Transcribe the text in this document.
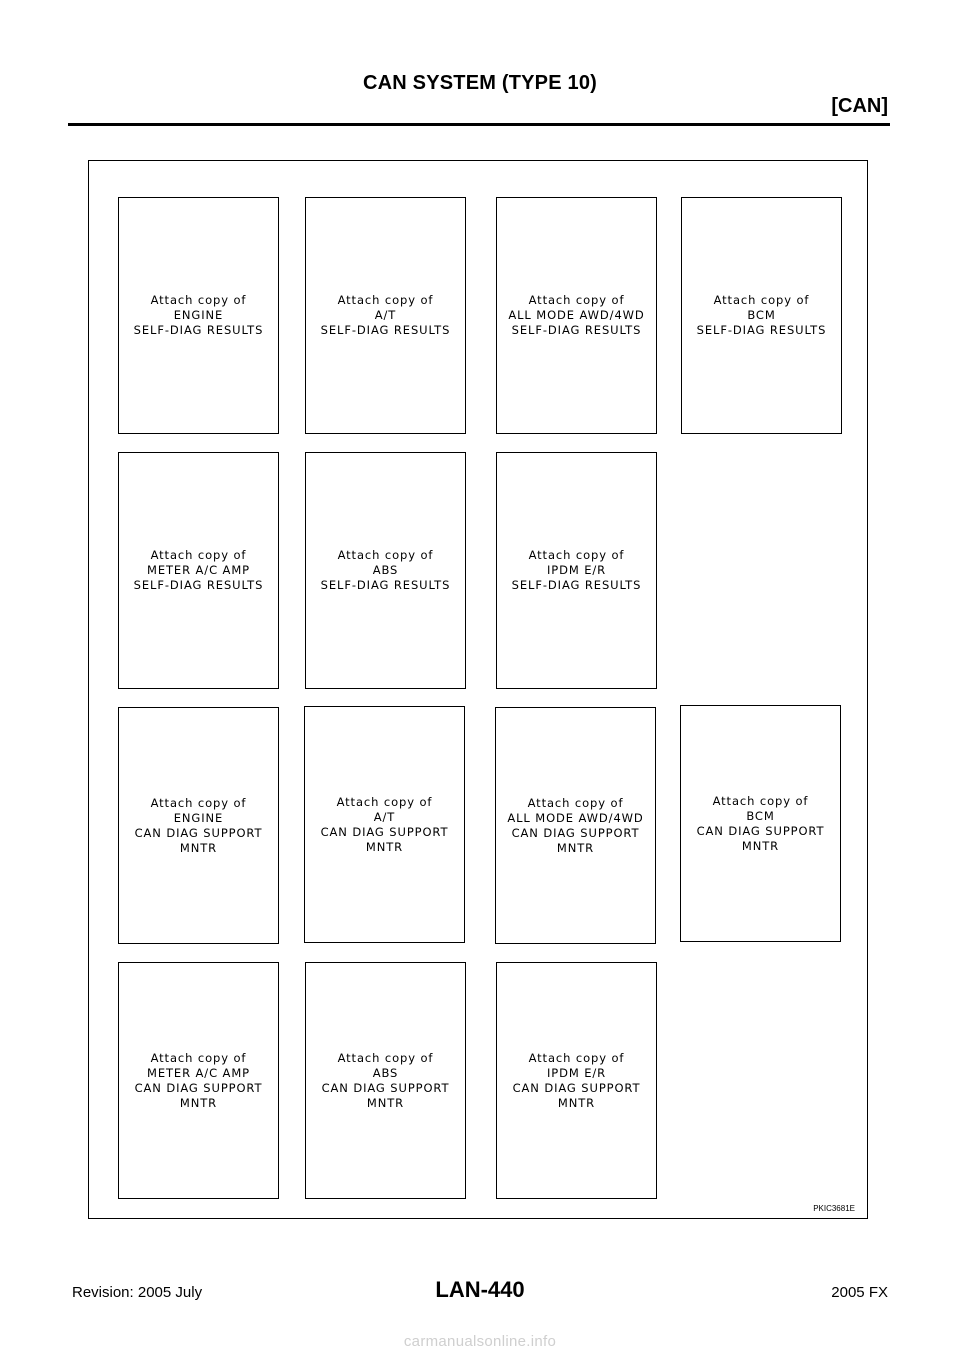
CAN SYSTEM (TYPE 10)
[CAN]
Attach copy of
ENGINE
SELF-DIAG RESULTS
Attach copy of
A/T
SELF-DIAG RESULTS
Attach copy of
ALL MODE AWD/4WD
SELF-DIAG RESULTS
Attach copy of
BCM
SELF-DIAG RESULTS
Attach copy of
METER A/C AMP
SELF-DIAG RESULTS
Attach copy of
ABS
SELF-DIAG RESULTS
Attach copy of
IPDM E/R
SELF-DIAG RESULTS
Attach copy of
ENGINE
CAN DIAG SUPPORT
MNTR
Attach copy of
A/T
CAN DIAG SUPPORT
MNTR
Attach copy of
ALL MODE AWD/4WD
CAN DIAG SUPPORT
MNTR
Attach copy of
BCM
CAN DIAG SUPPORT
MNTR
Attach copy of
METER A/C AMP
CAN DIAG SUPPORT
MNTR
Attach copy of
ABS
CAN DIAG SUPPORT
MNTR
Attach copy of
IPDM E/R
CAN DIAG SUPPORT
MNTR
PKIC3681E
Revision: 2005 July	LAN-440	2005 FX
carmanualsonline.info
